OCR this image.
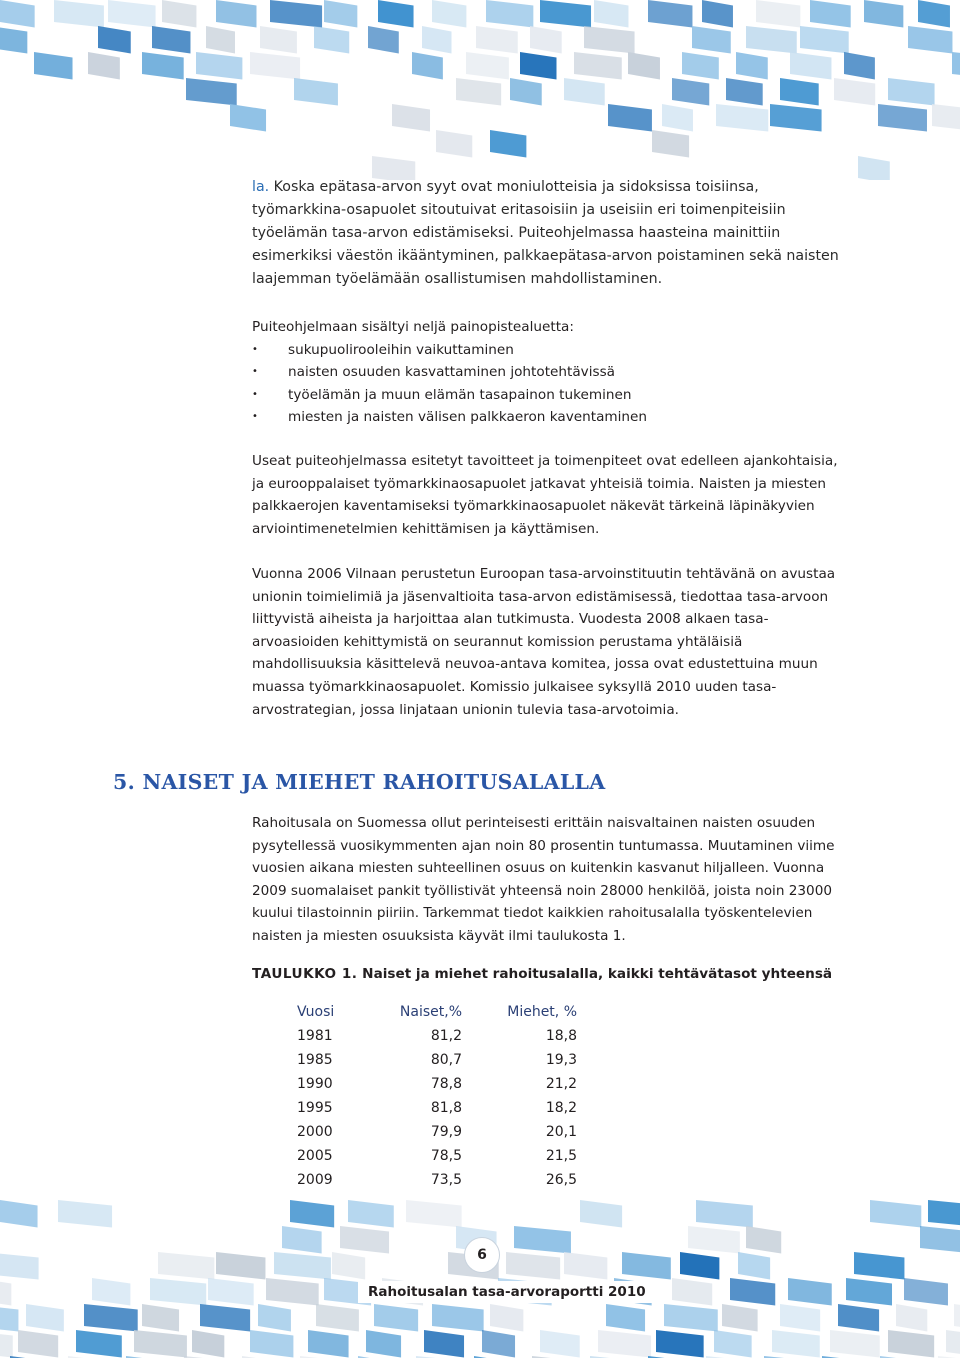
la. Koska epätasa-arvon syyt ovat moniulotteisia ja sidoksissa toisiinsa, työmarkkina-osapuolet sitoutuivat eritasoisiin ja useisiin eri toimenpiteisiin työelämän tasa-arvon edistämiseksi. Puiteohjelmassa haasteina mainittiin esimerkiksi väestön ikääntyminen, palkkaepätasa-arvon poistaminen sekä naisten laajemman työelämään osallistumisen mahdollistaminen.

Puiteohjelmaan sisältyi neljä painopistealuetta:

• sukupuolirooleihin vaikuttaminen
• naisten osuuden kasvattaminen johtotehtävissä
• työelämän ja muun elämän tasapainon tukeminen
• miesten ja naisten välisen palkkaeron kaventaminen

Useat puiteohjelmassa esitetyt tavoitteet ja toimenpiteet ovat edelleen ajankohtaisia, ja eurooppalaiset työmarkkinaosapuolet jatkavat yhteisiä toimia. Naisten ja miesten palkkaerojen kaventamiseksi työmarkkinaosapuolet näkevät tärkeinä läpinäkyvien arviointimenetelmien kehittämisen ja käyttämisen.

Vuonna 2006 Vilnaan perustetun Euroopan tasa-arvoinstituutin tehtävänä on avustaa unionin toimielimiä ja jäsenvaltioita tasa-arvon edistämisessä, tiedottaa tasa-arvoon liittyvistä aiheista ja harjoittaa alan tutkimusta. Vuodesta 2008 alkaen tasa-arvoasioiden kehittymistä on seurannut komission perustama yhtäläisiä mahdollisuuksia käsittelevä neuvoa-antava komitea, jossa ovat edustettuina muun muassa työmarkkinaosapuolet. Komissio julkaisee syksyllä 2010 uuden tasa-arvostrategian, jossa linjataan unionin tulevia tasa-arvotoimia.

5. NAISET JA MIEHET RAHOITUSALALLA

Rahoitusala on Suomessa ollut perinteisesti erittäin naisvaltainen naisten osuuden pysytellessä vuosikymmenten ajan noin 80 prosentin tuntumassa. Muutaminen viime vuosien aikana miesten suhteellinen osuus on kuitenkin kasvanut hiljalleen. Vuonna 2009 suomalaiset pankit työllistivät yhteensä noin 28000 henkilöä, joista noin 23000 kuului tilastoinnin piiriin. Tarkemmat tiedot kaikkien rahoitusalalla työskentelevien naisten ja miesten osuuksista käyvät ilmi taulukosta 1.

TAULUKKO 1. Naiset ja miehet rahoitusalalla, kaikki tehtävätasot yhteensä

Vuosi	Naiset,%	Miehet, %
1981	81,2	18,8
1985	80,7	19,3
1990	78,8	21,2
1995	81,8	18,2
2000	79,9	20,1
2005	78,5	21,5
2009	73,5	26,5
6
Rahoitusalan tasa-arvoraportti 2010
